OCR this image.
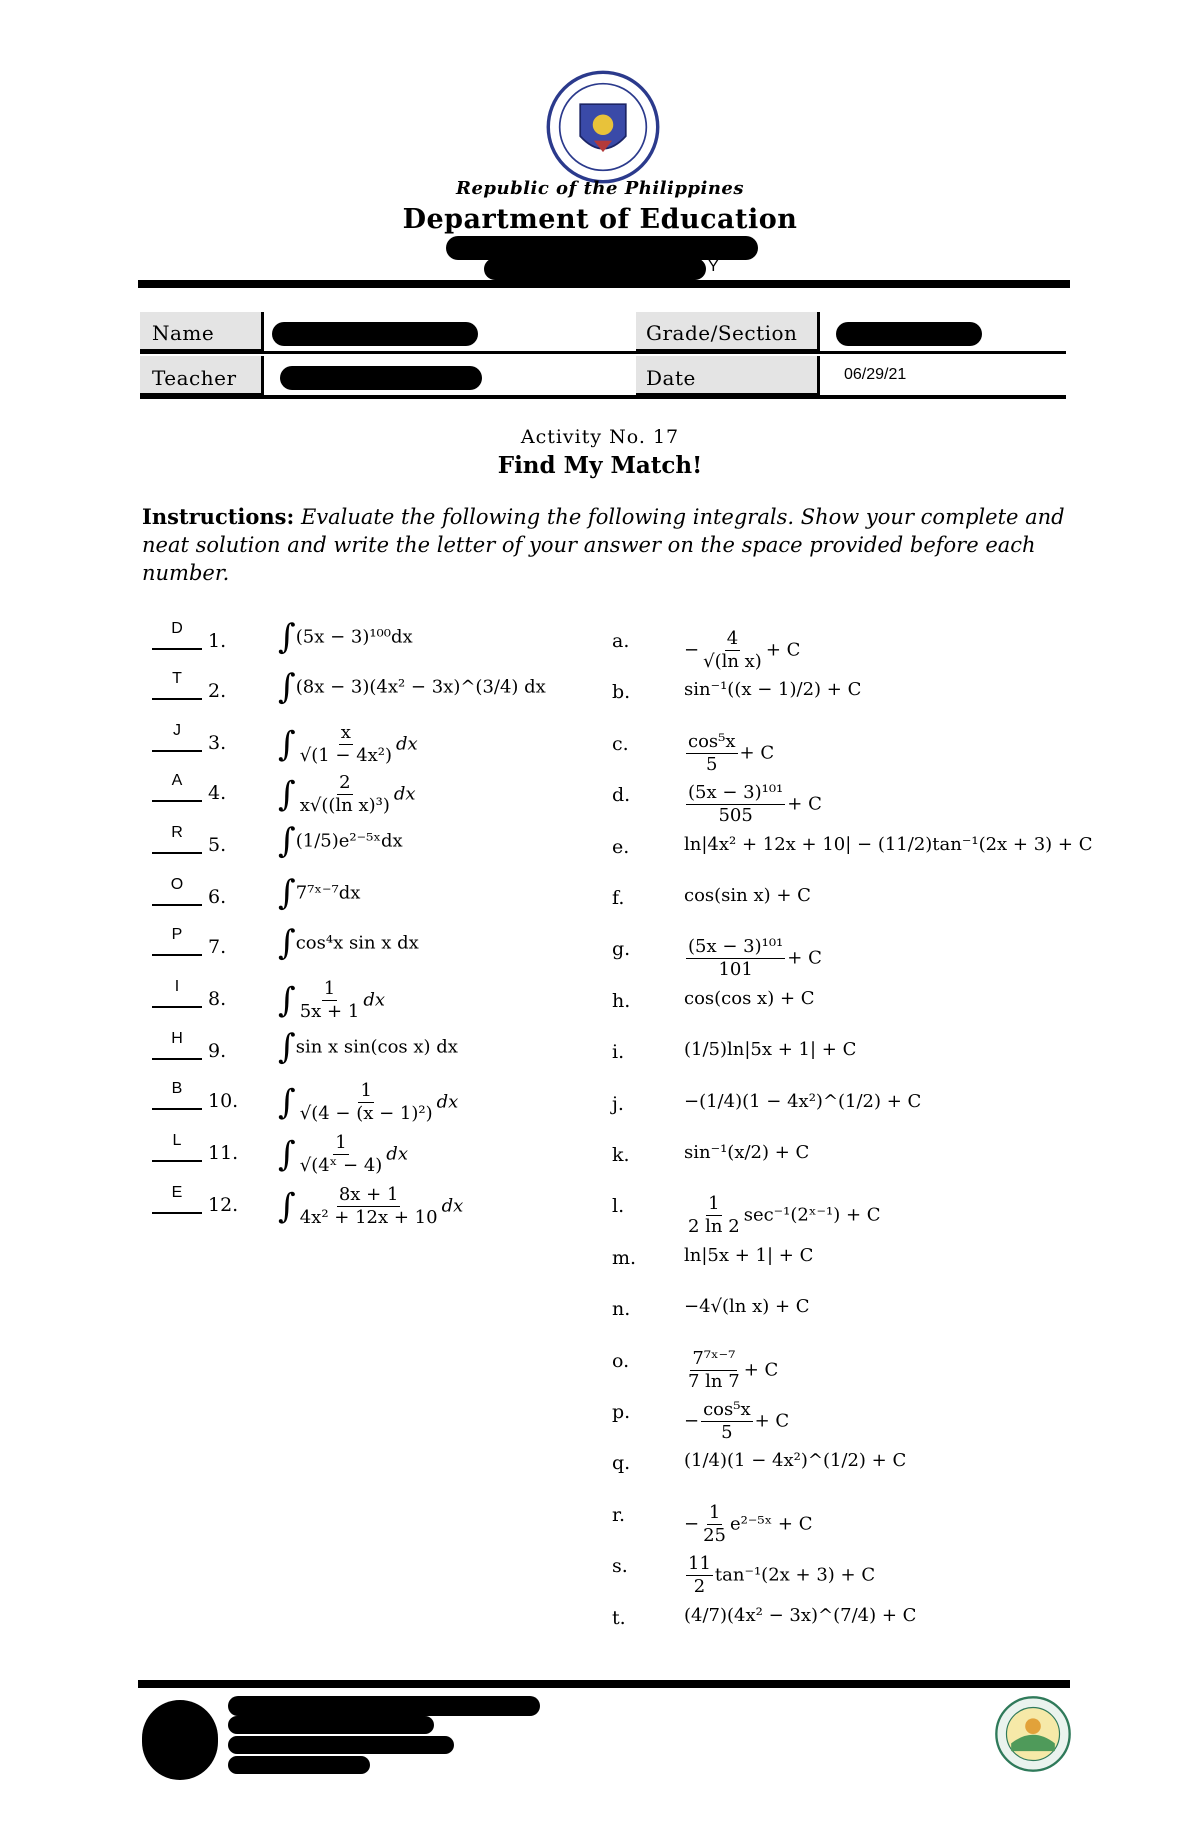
Republic of the Philippines
Department of Education
Y
Name	Grade/Section
Teacher	Date	06/29/21
Activity No. 17
Find My Match!
Instructions: Evaluate the following the following integrals. Show your complete and neat solution and write the letter of your answer on the space provided before each number.
D
1. ∫(5x − 3)¹⁰⁰dx
T
2. ∫(8x − 3)(4x² − 3x)^(3/4) dx
J
3. ∫ $\frac{x}{\text{√(1 − 4x²)}}$ dx
A
4. ∫ $\frac{2}{\text{x√((ln x)³)}}$ dx
R
5. ∫(1/5)e²⁻⁵ˣdx
O
6. ∫7⁷ˣ⁻⁷dx
P
7. ∫cos⁴x sin x dx
I
8. ∫ $\frac{1}{5x + 1}$ dx
H
9. ∫sin x sin(cos x) dx
B
10. ∫ $\frac{1}{\text{√(4 − (x − 1)²)}}$ dx
L
11. ∫ $\frac{1}{\text{√(4ˣ − 4)}}$ dx
E
12. ∫ $\frac{8x + 1}{\text{4x² + 12x + 10}}$ dx
a.	− $\frac{4}{\text{√(ln x)}} + C$
b.	sin⁻¹((x − 1)/2) + C
c.	$\frac{\text{cos⁵x}}{5} + C$
d.	$\frac{\text{(5x − 3)¹⁰¹}}{505} + C$
e.	ln|4x² + 12x + 10| − (11/2)tan⁻¹(2x + 3) + C
f.	cos(sin x) + C
g.	$\frac{\text{(5x − 3)¹⁰¹}}{101} + C$
h.	cos(cos x) + C
i.	(1/5)ln|5x + 1| + C
j.	−(1/4)(1 − 4x²)^(1/2) + C
k.	sin⁻¹(x/2) + C
l.	$\frac{1}{2 \ln 2}$ sec⁻¹(2ˣ⁻¹) + C
m.	ln|5x + 1| + C
n.	−4√(ln x) + C
o.	$\frac{\text{7⁷ˣ⁻⁷}}{7 \ln 7} + C$
p.	− $\frac{\text{cos⁵x}}{5} + C$
q.	(1/4)(1 − 4x²)^(1/2) + C
r.	− $\frac{1}{25}$ e²⁻⁵ˣ + C
s.	$\frac{11}{2} \tan^{-1}(2x + 3) + C$
t.	(4/7)(4x² − 3x)^(7/4) + C
